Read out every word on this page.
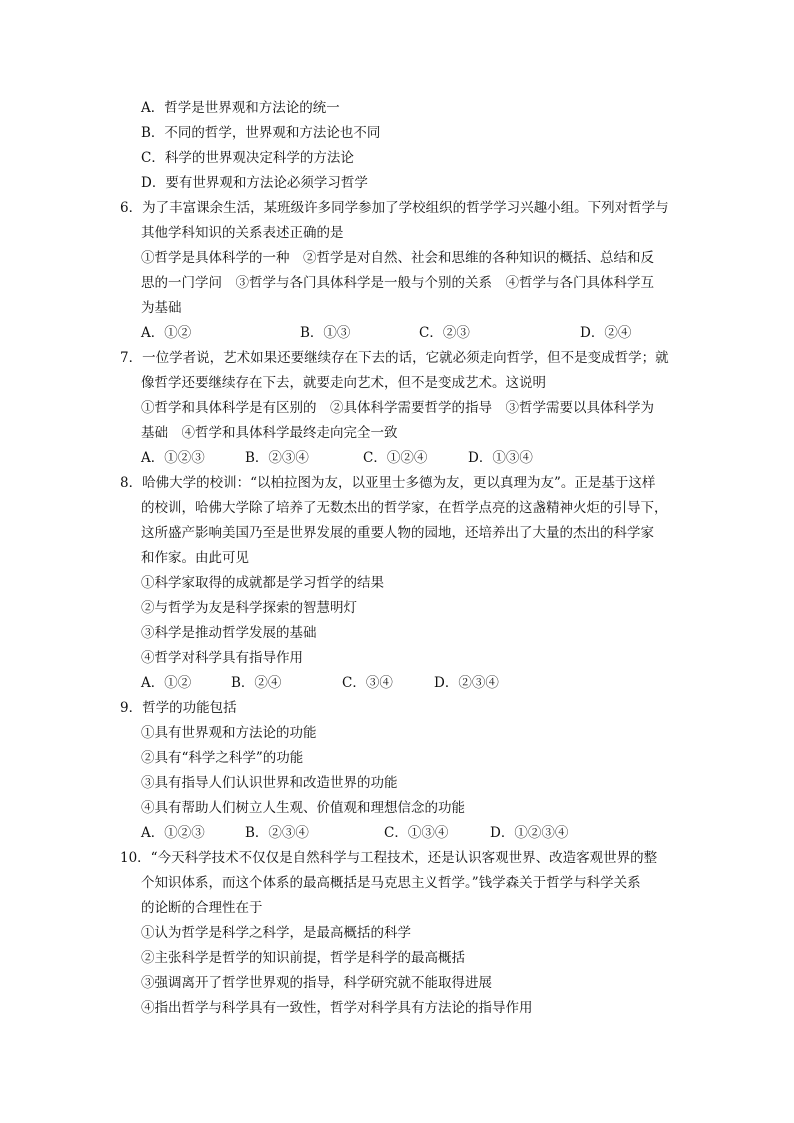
A．哲学是世界观和方法论的统一
B．不同的哲学，世界观和方法论也不同
C．科学的世界观决定科学的方法论
D．要有世界观和方法论必须学习哲学
6．为了丰富课余生活，某班级许多同学参加了学校组织的哲学学习兴趣小组。下列对哲学与
其他学科知识的关系表述正确的是
①哲学是具体科学的一种　②哲学是对自然、社会和思维的各种知识的概括、总结和反
思的一门学问　③哲学与各门具体科学是一般与个别的关系　④哲学与各门具体科学互
为基础
A．①②	B．①③	C．②③	D．②④
7．一位学者说，艺术如果还要继续存在下去的话，它就必须走向哲学，但不是变成哲学；就
像哲学还要继续存在下去，就要走向艺术，但不是变成艺术。这说明
①哲学和具体科学是有区别的　②具体科学需要哲学的指导　③哲学需要以具体科学为
基础　④哲学和具体科学最终走向完全一致
A．①②③	B．②③④	C．①②④	D．①③④
8．哈佛大学的校训：“以柏拉图为友，以亚里士多德为友，更以真理为友”。正是基于这样
的校训，哈佛大学除了培养了无数杰出的哲学家，在哲学点亮的这盏精神火炬的引导下，
这所盛产影响美国乃至是世界发展的重要人物的园地，还培养出了大量的杰出的科学家
和作家。由此可见
①科学家取得的成就都是学习哲学的结果
②与哲学为友是科学探索的智慧明灯
③科学是推动哲学发展的基础
④哲学对科学具有指导作用
A．①②	B．②④	C．③④	D．②③④
9．哲学的功能包括
①具有世界观和方法论的功能
②具有“科学之科学”的功能
③具有指导人们认识世界和改造世界的功能
④具有帮助人们树立人生观、价值观和理想信念的功能
A．①②③	B．②③④	C．①③④	D．①②③④
10．“今天科学技术不仅仅是自然科学与工程技术，还是认识客观世界、改造客观世界的整
个知识体系，而这个体系的最高概括是马克思主义哲学。”钱学森关于哲学与科学关系
的论断的合理性在于
①认为哲学是科学之科学，是最高概括的科学
②主张科学是哲学的知识前提，哲学是科学的最高概括
③强调离开了哲学世界观的指导，科学研究就不能取得进展
④指出哲学与科学具有一致性，哲学对科学具有方法论的指导作用
